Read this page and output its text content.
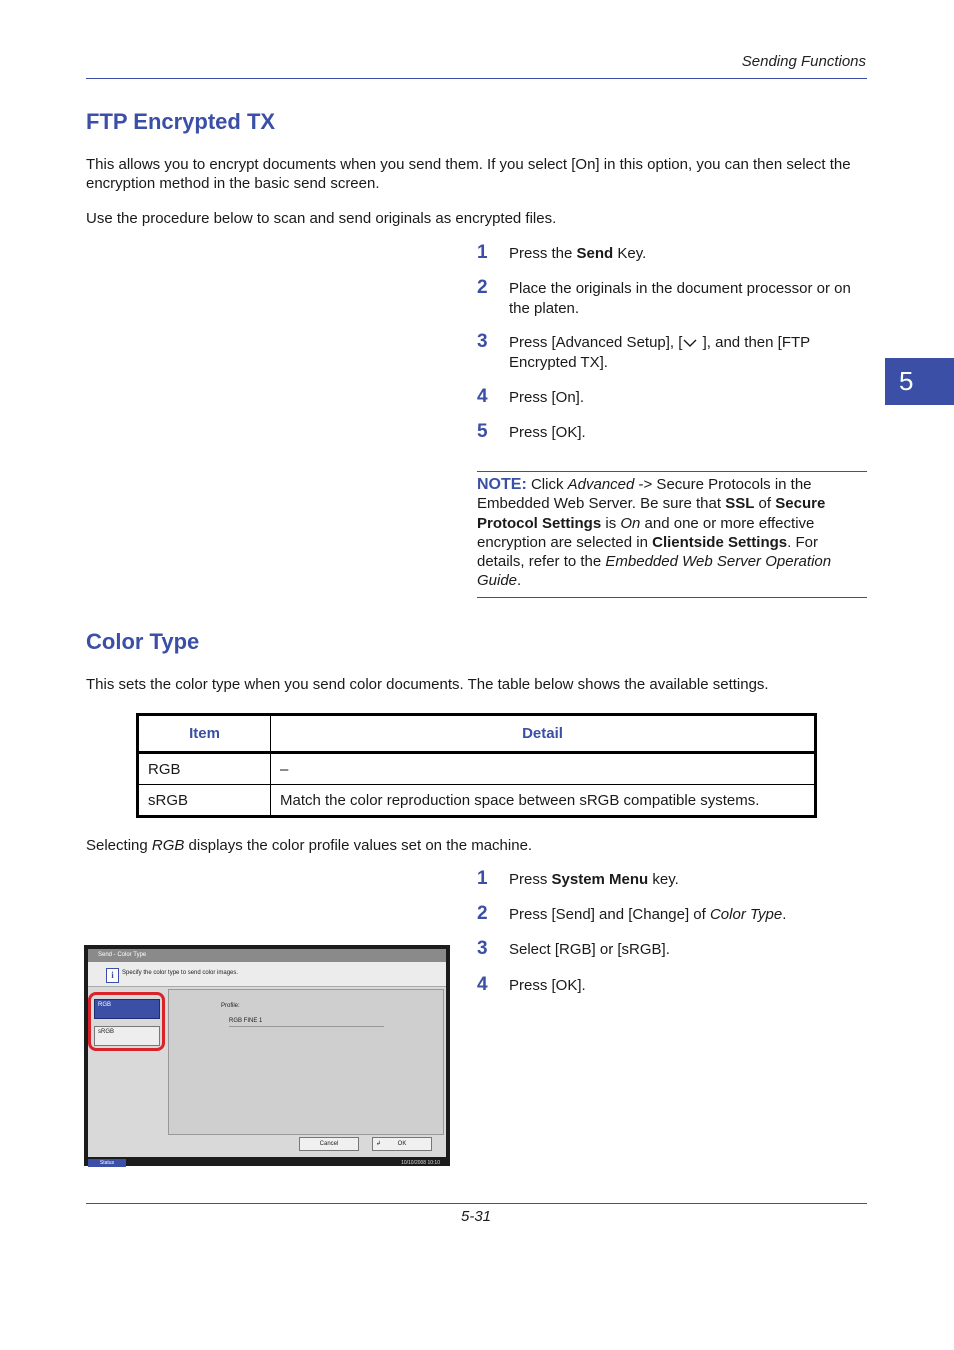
Sending Functions
5
FTP Encrypted TX
This allows you to encrypt documents when you send them. If you select [On] in this option, you can then select the encryption method in the basic send screen.
Use the procedure below to scan and send originals as encrypted files.
1 Press the Send Key.
2 Place the originals in the document processor or on the platen.
3 Press [Advanced Setup], [ ], and then [FTP Encrypted TX].
4 Press [On].
5 Press [OK].
NOTE: Click Advanced -> Secure Protocols in the Embedded Web Server. Be sure that SSL of Secure Protocol Settings is On and one or more effective encryption are selected in Clientside Settings. For details, refer to the Embedded Web Server Operation Guide.
Color Type
This sets the color type when you send color documents. The table below shows the available settings.
Item	Detail
RGB	–
sRGB	Match the color reproduction space between sRGB compatible systems.
Selecting RGB displays the color profile values set on the machine.
1 Press System Menu key.
2 Press [Send] and [Change] of Color Type.
3 Select [RGB] or [sRGB].
4 Press [OK].
Send - Color Type
i	Specify the color type to send color images.
RGB
sRGB
Profile:
RGB FINE 1
Cancel	↲	OK
Status	10/10/2008 10:10
5-31
